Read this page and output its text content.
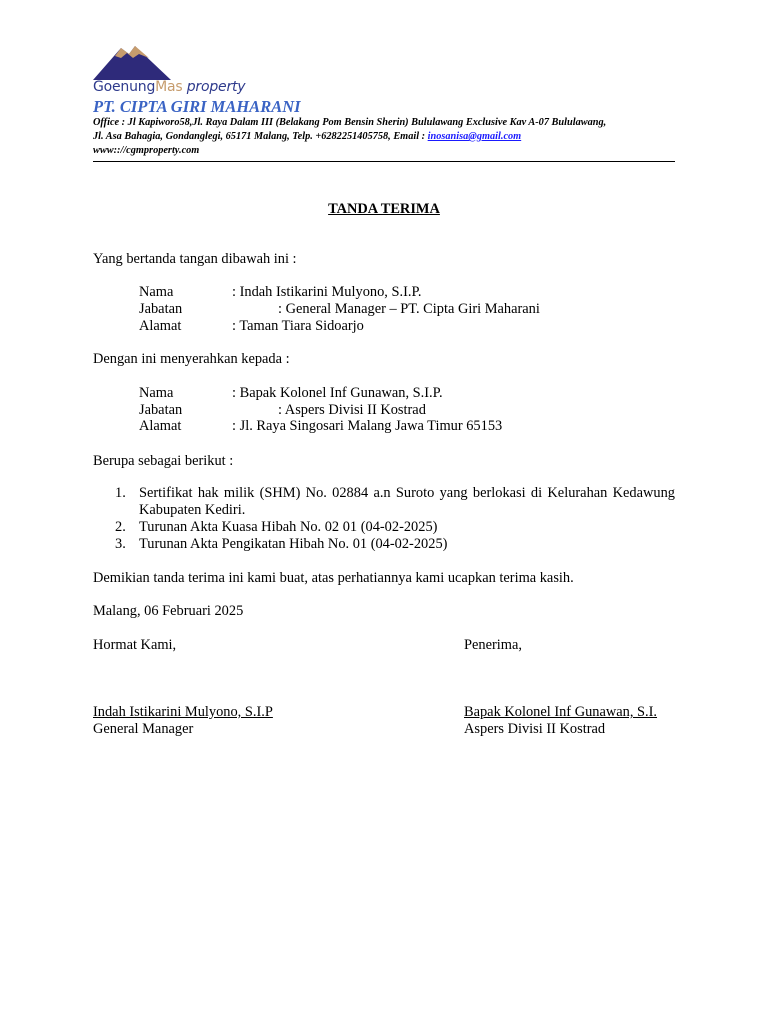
GoenungMas property
PT. CIPTA GIRI MAHARANI
Office : Jl Kapiworo58,Jl. Raya Dalam III (Belakang Pom Bensin Sherin) Bululawang Exclusive Kav A-07 Bululawang,
Jl. Asa Bahagia, Gondanglegi, 65171 Malang, Telp. +6282251405758, Email : inosanisa@gmail.com
www:://cgmproperty.com
TANDA TERIMA
Yang bertanda tangan dibawah ini :
Nama	: Indah Istikarini Mulyono, S.I.P.
Jabatan	: General Manager – PT. Cipta Giri Maharani
Alamat	: Taman Tiara Sidoarjo
Dengan ini menyerahkan kepada :
Nama	: Bapak Kolonel Inf Gunawan, S.I.P.
Jabatan	: Aspers Divisi II Kostrad
Alamat	: Jl. Raya Singosari Malang Jawa Timur 65153
Berupa sebagai berikut :
1. Sertifikat hak milik (SHM) No. 02884 a.n Suroto yang berlokasi di Kelurahan Kedawung Kabupaten Kediri.
2. Turunan Akta Kuasa Hibah No. 02 01 (04-02-2025)
3. Turunan Akta Pengikatan Hibah No. 01 (04-02-2025)
Demikian tanda terima ini kami buat, atas perhatiannya kami ucapkan terima kasih.
Malang, 06 Februari 2025
Hormat Kami,	Penerima,
Indah Istikarini Mulyono, S.I.P
General Manager
Bapak Kolonel Inf Gunawan, S.I.
Aspers Divisi II Kostrad
